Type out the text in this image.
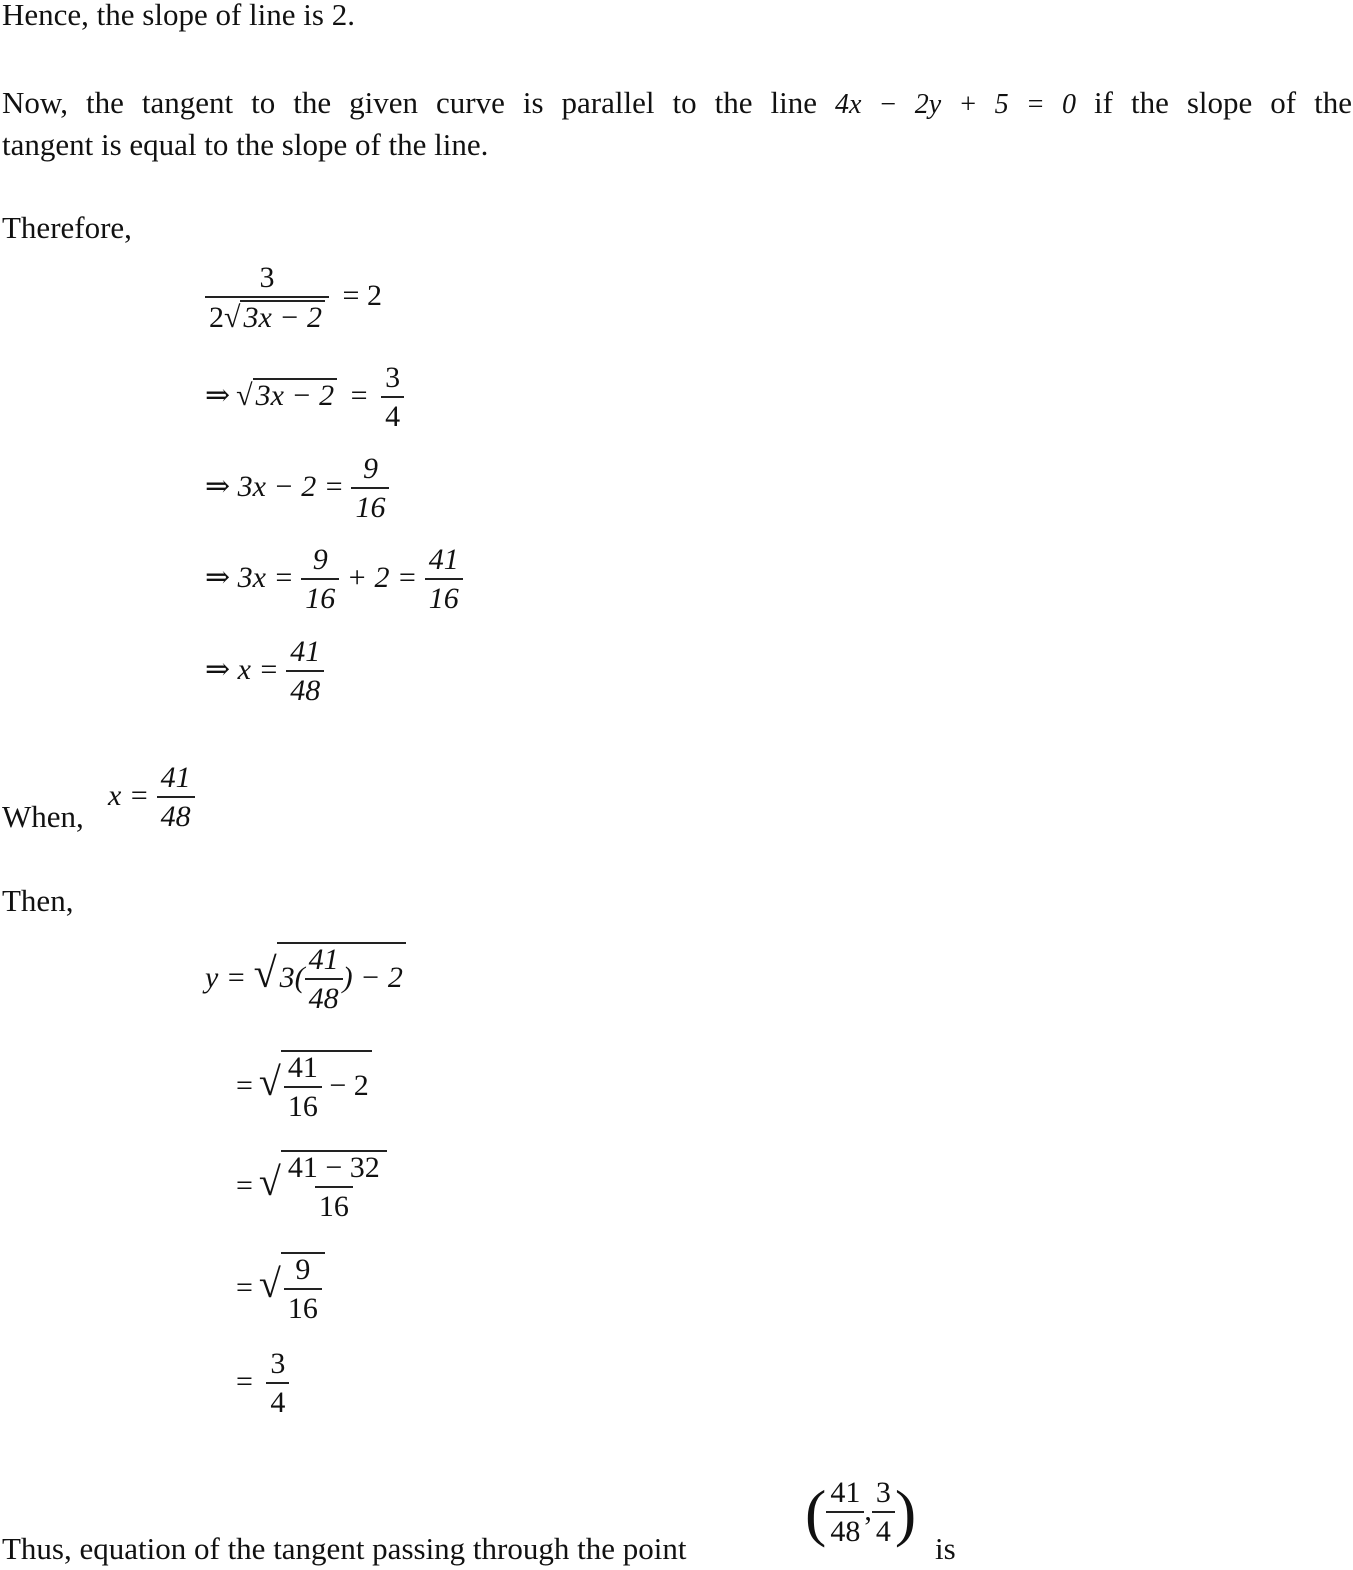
Hence, the slope of line is 2.
Now, the tangent to the given curve is parallel to the line 4x − 2y + 5 = 0 if the slope of the
tangent is equal to the slope of the line.
Therefore,
$\frac{3}{2√ 3x - 2} = 2$
⇒ √ $3x - 2 = \frac{3}{4}$
⇒ $3x - 2 = \frac{9}{16}$
⇒ $3x = \frac{9}{16} + 2 = \frac{41}{16}$
⇒ $x = \frac{41}{48}$
When,
$x = \frac{41}{48}$
Then,
y = √ $3( \frac{41}{48}$ ) − 2
= √ $\frac{41}{16} - 2$
= √ $\frac{41 - 32}{16}$
= √ $\frac{9}{16}$
= $\frac{3}{4}$
Thus, equation of the tangent passing through the point
( $\frac{41}{48}$ , $\frac{3}{4}$ )
is
